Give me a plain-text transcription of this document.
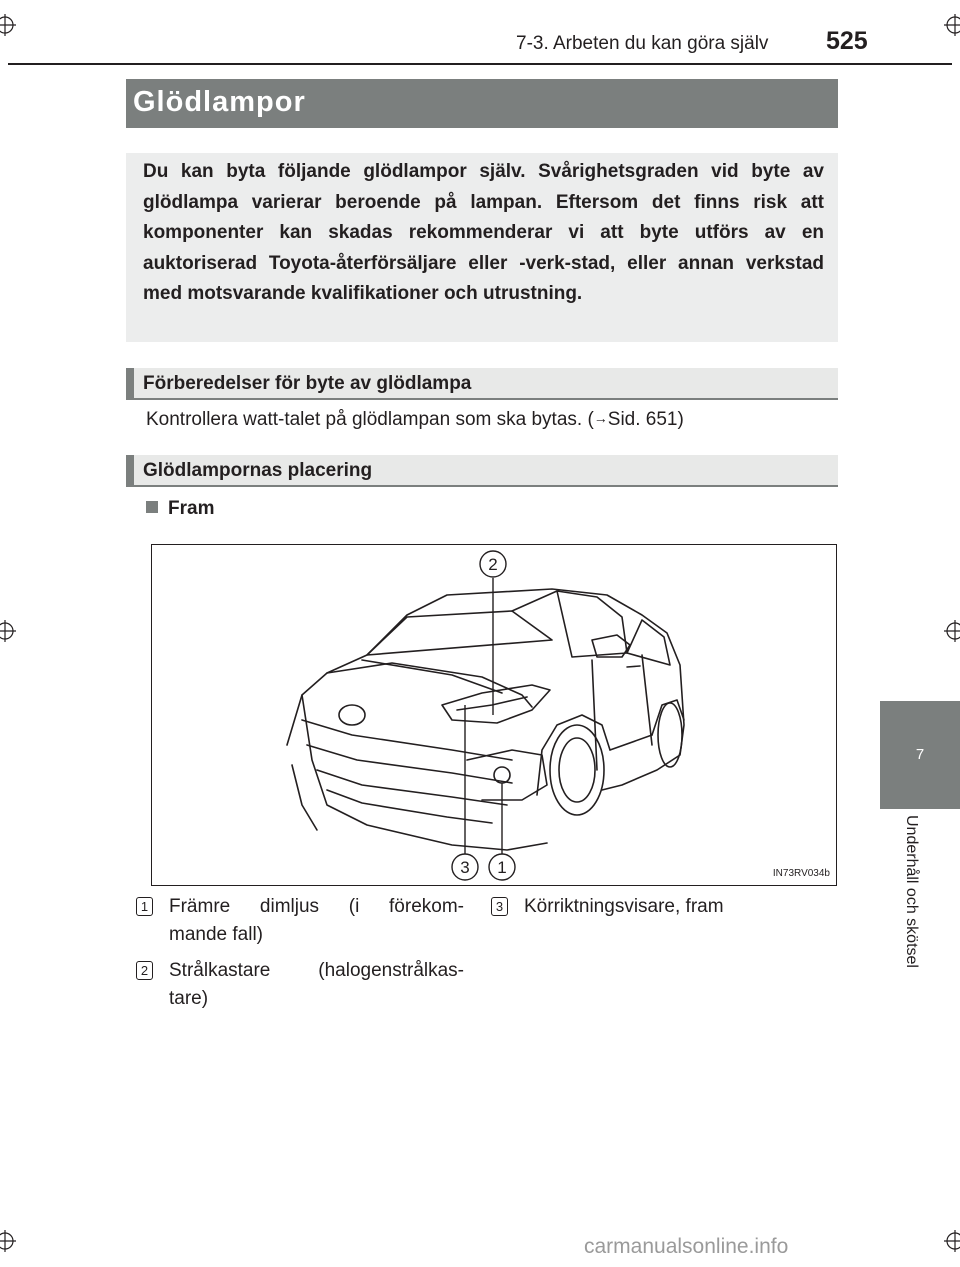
7-3. Arbeten du kan göra själv 525
Glödlampor
Du kan byta följande glödlampor själv. Svårighetsgraden vid byte av glödlampa varierar beroende på lampan. Eftersom det finns risk att komponenter kan skadas rekommenderar vi att byte utförs av en auktoriserad Toyota-återförsäljare eller -verk-stad, eller annan verkstad med motsvarande kvalifikationer och utrustning.
Förberedelser för byte av glödlampa
Kontrollera watt-talet på glödlampan som ska bytas. (→Sid. 651)
Glödlampornas placering
Fram
2
3 1	IN73RV034b
1 Främre dimljus (i förekom-
mande fall)
2 Strålkastare (halogenstrålkas-
tare)
3 Körriktningsvisare, fram
7
Underhåll och skötsel
carmanualsonline.info
